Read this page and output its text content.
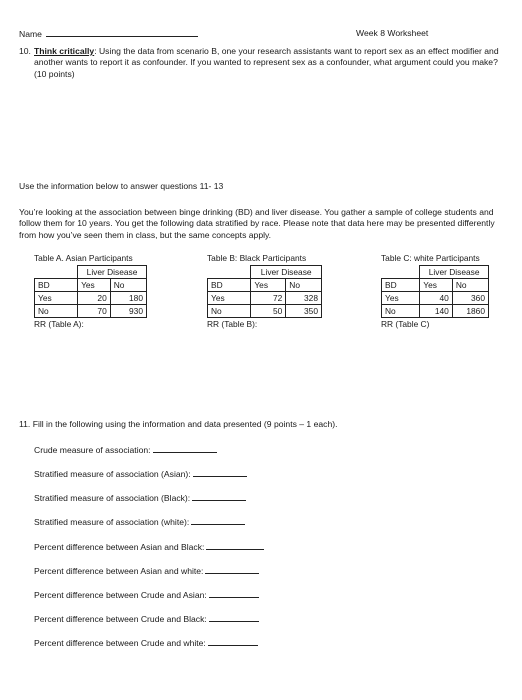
Name	Week 8 Worksheet
10. Think critically: Using the data from scenario B, one your research assistants want to report sex as an effect modifier and another wants to report it as confounder. If you wanted to represent sex as a confounder, what argument could you make? (10 points)
Use the information below to answer questions 11- 13
You’re looking at the association between binge drinking (BD) and liver disease. You gather a sample of college students and follow them for 10 years. You get the following data stratified by race. Please note that data here may be presented differently from how you’ve seen them in class, but the same concepts apply.
Table A. Asian Participants
	Liver Disease	
BD	Yes	No
Yes	20	180
No	70	930
RR (Table A):
Table B: Black Participants
	Liver Disease	
BD	Yes	No
Yes	72	328
No	50	350
RR (Table B):
Table C: white Participants
	Liver Disease	
BD	Yes	No
Yes	40	360
No	140	1860
RR (Table C)
11. Fill in the following using the information and data presented (9 points – 1 each).
Crude measure of association:
Stratified measure of association (Asian):
Stratified measure of association (Black):
Stratified measure of association (white):
Percent difference between Asian and Black:
Percent difference between Asian and white:
Percent difference between Crude and Asian:
Percent difference between Crude and Black:
Percent difference between Crude and white:
